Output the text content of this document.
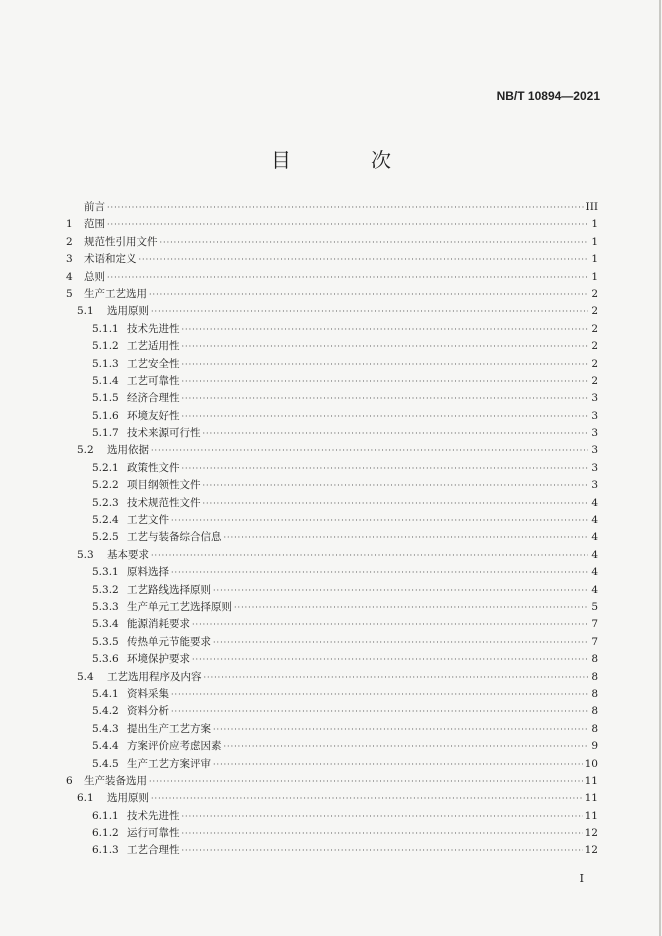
NB/T 10894—2021
目　次
前言 ·····	III
1	范围 ·····	1
2	规范性引用文件 ·····	1
3	术语和定义 ·····	1
4	总则 ·····	1
5	生产工艺选用 ·····	2
5.1	选用原则 ·····	2
5.1.1 技术先进性 ·····	2
5.1.2 工艺适用性 ·····	2
5.1.3 工艺安全性 ·····	2
5.1.4 工艺可靠性 ·····	2
5.1.5 经济合理性 ·····	3
5.1.6 环境友好性 ·····	3
5.1.7 技术来源可行性 ·····	3
5.2	选用依据 ·····	3
5.2.1 政策性文件 ·····	3
5.2.2 项目纲领性文件 ·····	3
5.2.3 技术规范性文件 ·····	4
5.2.4 工艺文件 ·····	4
5.2.5 工艺与装备综合信息 ·····	4
5.3	基本要求 ·····	4
5.3.1 原料选择 ·····	4
5.3.2 工艺路线选择原则 ·····	4
5.3.3 生产单元工艺选择原则 ·····	5
5.3.4 能源消耗要求 ·····	7
5.3.5 传热单元节能要求 ·····	7
5.3.6 环境保护要求 ·····	8
5.4	工艺选用程序及内容 ·····	8
5.4.1 资料采集 ·····	8
5.4.2 资料分析 ·····	8
5.4.3 提出生产工艺方案 ·····	8
5.4.4 方案评价应考虑因素 ·····	9
5.4.5 生产工艺方案评审 ·····	10
6	生产装备选用 ·····	11
6.1	选用原则 ·····	11
6.1.1 技术先进性 ·····	11
6.1.2 运行可靠性 ·····	12
6.1.3 工艺合理性 ·····	12
I
